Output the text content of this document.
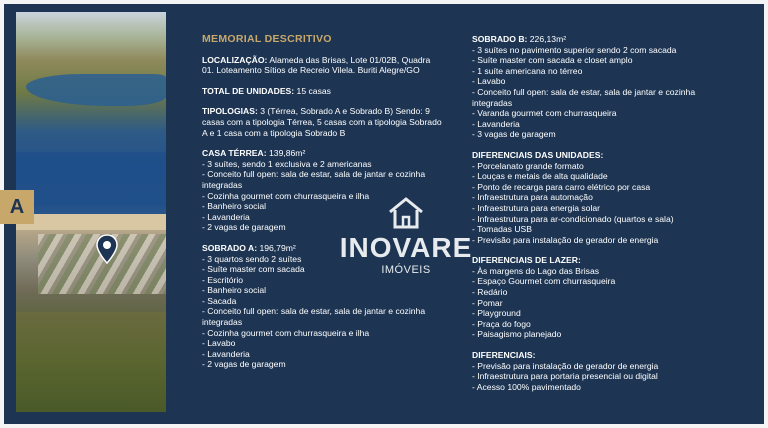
A
MEMORIAL DESCRITIVO
LOCALIZAÇÃO: Alameda das Brisas, Lote 01/02B, Quadra 01. Loteamento Sítios de Recreio Vilela. Buriti Alegre/GO
TOTAL DE UNIDADES: 15 casas
TIPOLOGIAS: 3 (Térrea, Sobrado A e Sobrado B) Sendo: 9 casas com a tipologia Térrea, 5 casas com a tipologia Sobrado A e 1 casa com a tipologia Sobrado B
CASA TÉRREA: 139,86m²
- 3 suítes, sendo 1 exclusiva e 2 americanas
- Conceito full open: sala de estar, sala de jantar e cozinha integradas
- Cozinha gourmet com churrasqueira e ilha
- Banheiro social
- Lavanderia
- 2 vagas de garagem
SOBRADO A: 196,79m²
- 3 quartos sendo 2 suítes
- Suíte master com sacada
- Escritório
- Banheiro social
- Sacada
- Conceito full open: sala de estar, sala de jantar e cozinha integradas
- Cozinha gourmet com churrasqueira e ilha
- Lavabo
- Lavanderia
- 2 vagas de garagem
SOBRADO B: 226,13m²
- 3 suítes no pavimento superior sendo 2 com sacada
- Suíte master com sacada e closet amplo
- 1 suíte americana no térreo
- Lavabo
- Conceito full open: sala de estar, sala de jantar e cozinha integradas
- Varanda gourmet com churrasqueira
- Lavanderia
- 3 vagas de garagem
DIFERENCIAIS DAS UNIDADES:
- Porcelanato grande formato
- Louças e metais de alta qualidade
- Ponto de recarga para carro elétrico por casa
- Infraestrutura para automação
- Infraestrutura para energia solar
- Infraestrutura para ar-condicionado (quartos e sala)
- Tomadas USB
- Previsão para instalação de gerador de energia
DIFERENCIAIS DE LAZER:
- Às margens do Lago das Brisas
- Espaço Gourmet com churrasqueira
- Redário
- Pomar
- Playground
- Praça do fogo
- Paisagismo planejado
DIFERENCIAIS:
- Previsão para instalação de gerador de energia
- Infraestrutura para portaria presencial ou digital
- Acesso 100% pavimentado
INOVARE
IMÓVEIS
